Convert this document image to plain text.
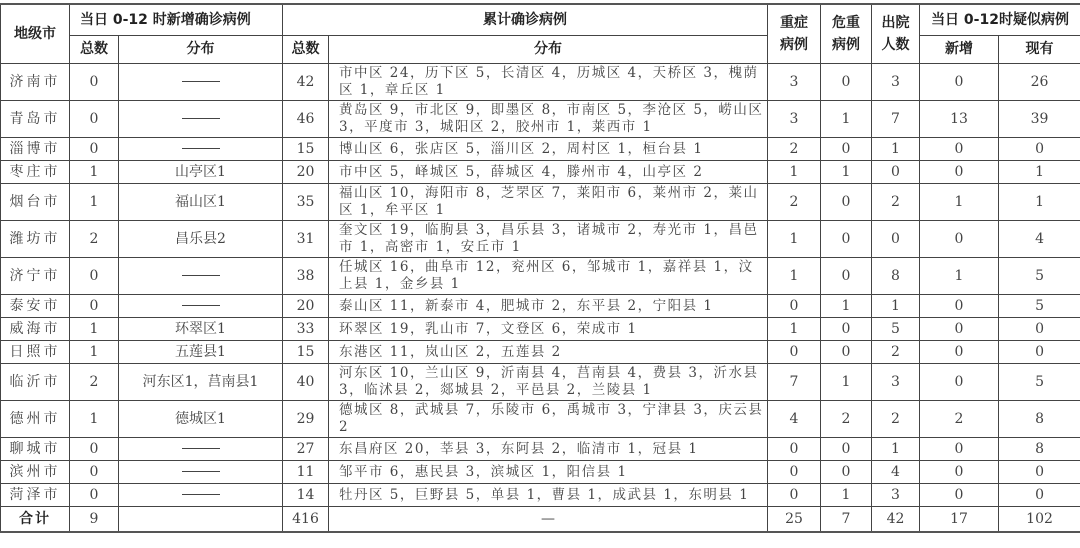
地级市	当日 0-12 时新增确诊病例		累计确诊病例		重症病例	危重病例	出院人数	当日 0-12时疑似病例	
	总数	分布	总数	分布				新增	现有
济南市	0		42	市中区 24，历下区 5，长清区 4，历城区 4，天桥区 3，槐荫区 1，章丘区 1	3	0	3	0	26
青岛市	0		46	黄岛区 9，市北区 9，即墨区 8，市南区 5，李沧区 5，崂山区 3，平度市 3，城阳区 2，胶州市 1，莱西市 1	3	1	7	13	39
淄博市	0		15	博山区 6，张店区 5，淄川区 2，周村区 1，桓台县 1	2	0	1	0	0
枣庄市	1	山亭区1	20	市中区 5，峄城区 5，薛城区 4，滕州市 4，山亭区 2	1	1	0	0	1
烟台市	1	福山区1	35	福山区 10，海阳市 8，芝罘区 7，莱阳市 6，莱州市 2，莱山区 1，牟平区 1	2	0	2	1	1
潍坊市	2	昌乐县2	31	奎文区 19，临朐县 3，昌乐县 3，诸城市 2，寿光市 1，昌邑市 1，高密市 1，安丘市 1	1	0	0	0	4
济宁市	0		38	任城区 16，曲阜市 12，兖州区 6，邹城市 1，嘉祥县 1，汶上县 1，金乡县 1	1	0	8	1	5
泰安市	0		20	泰山区 11，新泰市 4，肥城市 2，东平县 2，宁阳县 1	0	1	1	0	5
威海市	1	环翠区1	33	环翠区 19，乳山市 7，文登区 6，荣成市 1	1	0	5	0	0
日照市	1	五莲县1	15	东港区 11，岚山区 2，五莲县 2	0	0	2	0	0
临沂市	2	河东区1，莒南县1	40	河东区 10，兰山区 9，沂南县 4，莒南县 4，费县 3，沂水县 3，临沭县 2，郯城县 2，平邑县 2，兰陵县 1	7	1	3	0	5
德州市	1	德城区1	29	德城区 8，武城县 7，乐陵市 6，禹城市 3，宁津县 3，庆云县 2	4	2	2	2	8
聊城市	0		27	东昌府区 20，莘县 3，东阿县 2，临清市 1，冠县 1	0	0	1	0	8
滨州市	0		11	邹平市 6，惠民县 3，滨城区 1，阳信县 1	0	0	4	0	0
菏泽市	0		14	牡丹区 5，巨野县 5，单县 1，曹县 1，成武县 1，东明县 1	0	1	3	0	0
合计	9		416	—	25	7	42	17	102
